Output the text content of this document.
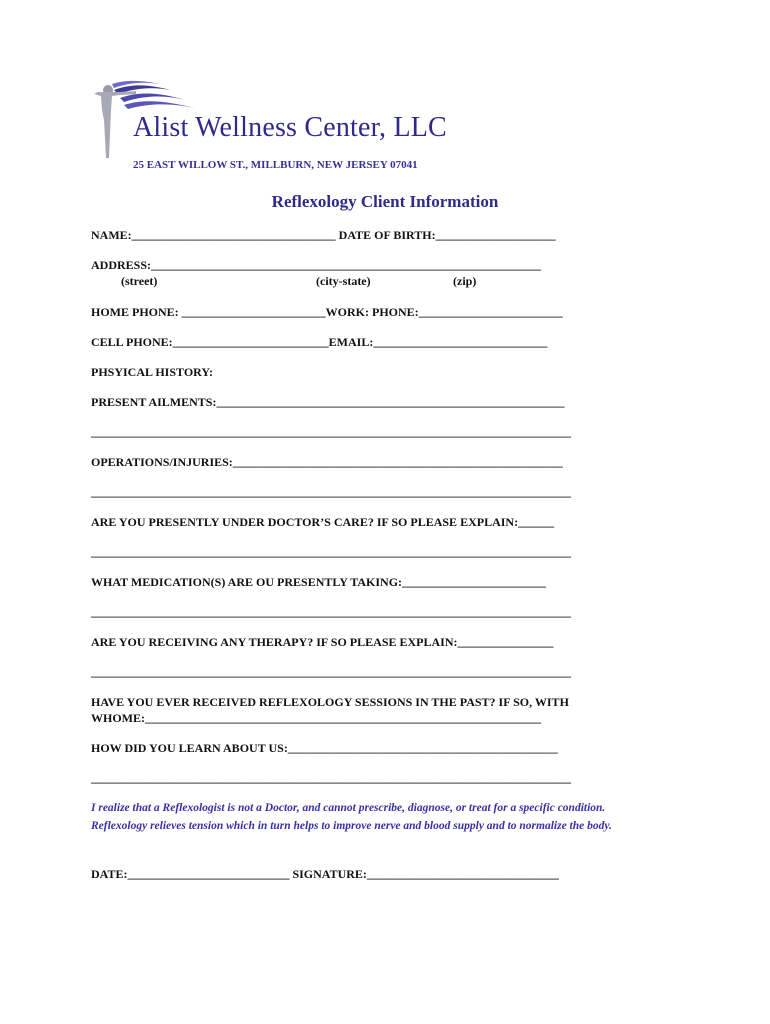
Alist Wellness Center, LLC
25 EAST WILLOW ST., MILLBURN, NEW JERSEY 07041
Reflexology Client Information
NAME:__________________________________ DATE OF BIRTH:____________________
ADDRESS:_________________________________________________________________
(street)	(city-state)	(zip)
HOME PHONE: ________________________WORK: PHONE:________________________
CELL PHONE:__________________________EMAIL:_____________________________
PHSYICAL HISTORY:
PRESENT AILMENTS:__________________________________________________________
________________________________________________________________________________
OPERATIONS/INJURIES:_______________________________________________________
________________________________________________________________________________
ARE YOU PRESENTLY UNDER DOCTOR’S CARE? IF SO PLEASE EXPLAIN:______
________________________________________________________________________________
WHAT MEDICATION(S) ARE OU PRESENTLY TAKING:________________________
________________________________________________________________________________
ARE YOU RECEIVING ANY THERAPY? IF SO PLEASE EXPLAIN:________________
________________________________________________________________________________
HAVE YOU EVER RECEIVED REFLEXOLOGY SESSIONS IN THE PAST? IF SO, WITH
WHOME:__________________________________________________________________
HOW DID YOU LEARN ABOUT US:_____________________________________________
________________________________________________________________________________
I realize that a Reflexologist is not a Doctor, and cannot prescribe, diagnose, or treat for a specific condition.
Reflexology relieves tension which in turn helps to improve nerve and blood supply and to normalize the body.
DATE:___________________________ SIGNATURE:________________________________
